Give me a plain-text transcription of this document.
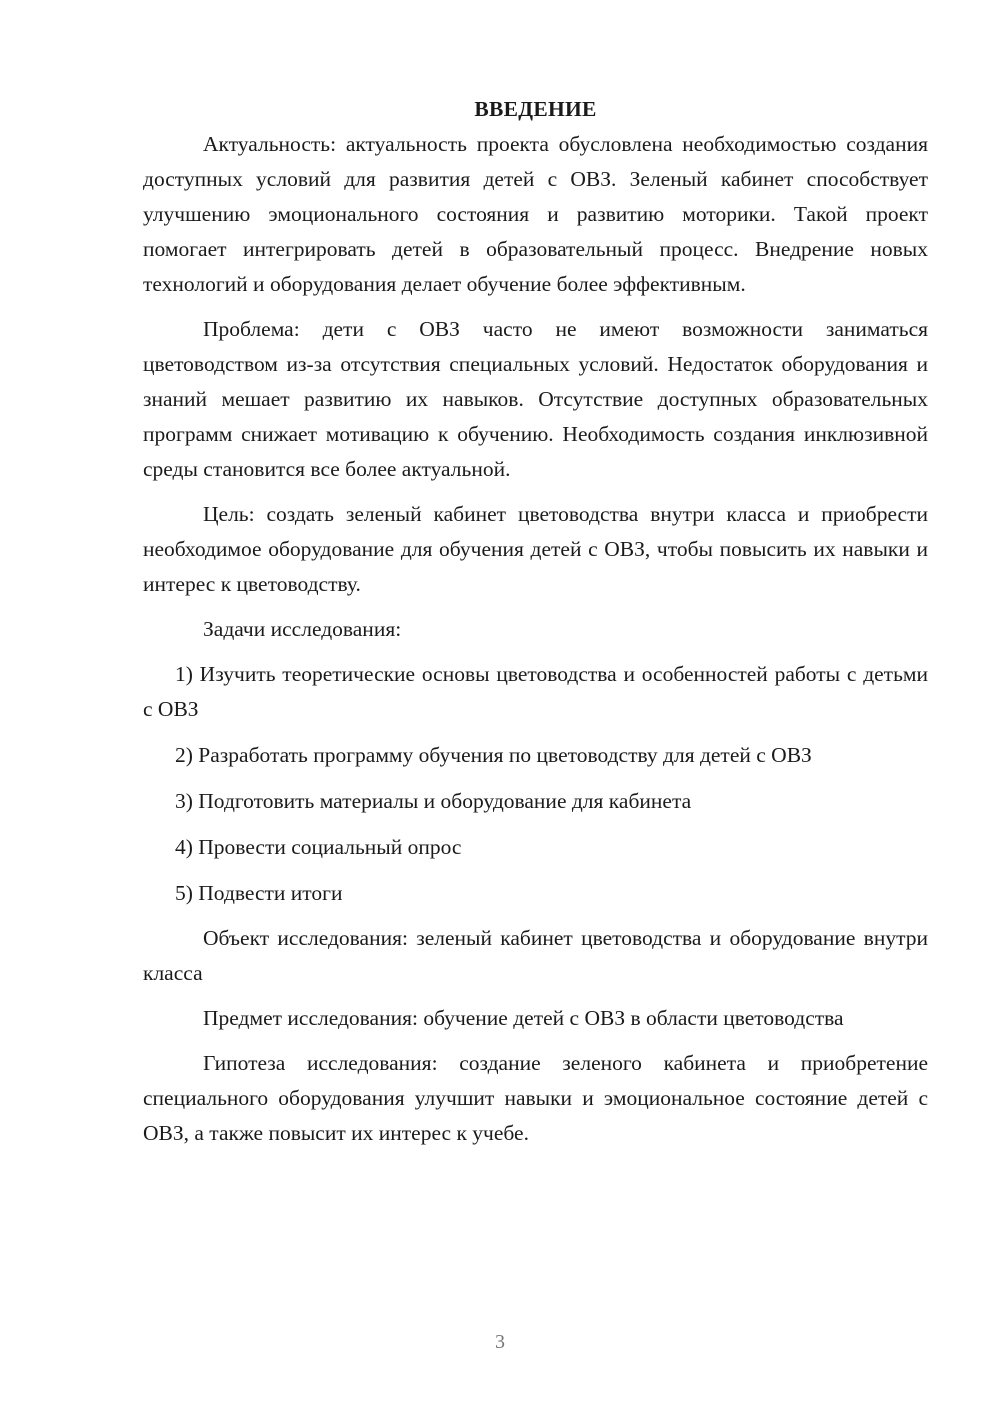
ВВЕДЕНИЕ

Актуальность: актуальность проекта обусловлена необходимостью создания доступных условий для развития детей с ОВЗ. Зеленый кабинет способствует улучшению эмоционального состояния и развитию моторики. Такой проект помогает интегрировать детей в образовательный процесс. Внедрение новых технологий и оборудования делает обучение более эффективным.

Проблема: дети с ОВЗ часто не имеют возможности заниматься цветоводством из-за отсутствия специальных условий. Недостаток оборудования и знаний мешает развитию их навыков. Отсутствие доступных образовательных программ снижает мотивацию к обучению. Необходимость создания инклюзивной среды становится все более актуальной.

Цель: создать зеленый кабинет цветоводства внутри класса и приобрести необходимое оборудование для обучения детей с ОВЗ, чтобы повысить их навыки и интерес к цветоводству.

Задачи исследования:

1) Изучить теоретические основы цветоводства и особенностей работы с детьми с ОВЗ

2) Разработать программу обучения по цветоводству для детей с ОВЗ

3) Подготовить материалы и оборудование для кабинета

4) Провести социальный опрос

5) Подвести итоги

Объект исследования: зеленый кабинет цветоводства и оборудование внутри класса

Предмет исследования: обучение детей с ОВЗ в области цветоводства

Гипотеза исследования: создание зеленого кабинета и приобретение специального оборудования улучшит навыки и эмоциональное состояние детей с ОВЗ, а также повысит их интерес к учебе.

3
